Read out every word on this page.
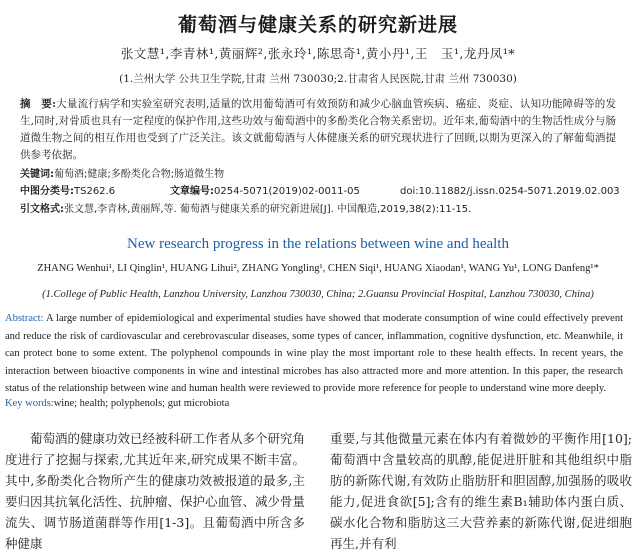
葡萄酒与健康关系的研究新进展
张文慧¹,李青林¹,黄丽辉²,张永玲¹,陈思奇¹,黄小丹¹,王　玉¹,龙丹凤¹*
(1.兰州大学 公共卫生学院,甘肃 兰州 730030;2.甘肃省人民医院,甘肃 兰州 730030)
摘　要:大量流行病学和实验室研究表明,适量的饮用葡萄酒可有效预防和减少心脑血管疾病、癌症、炎症、认知功能障碍等的发生,同时,对骨质也具有一定程度的保护作用,这些功效与葡萄酒中的多酚类化合物关系密切。近年来,葡萄酒中的生物活性成分与肠道微生物之间的相互作用也受到了广泛关注。该文就葡萄酒与人体健康关系的研究现状进行了回顾,以期为更深入的了解葡萄酒提供参考依据。
关键词:葡萄酒;健康;多酚类化合物;肠道微生物
中图分类号:TS262.6	文章编号:0254-5071(2019)02-0011-05	doi:10.11882/j.issn.0254-5071.2019.02.003
引文格式:张文慧,李青林,黄丽辉,等. 葡萄酒与健康关系的研究新进展[J]. 中国酿造,2019,38(2):11-15.
New research progress in the relations between wine and health
ZHANG Wenhui¹, LI Qinglin¹, HUANG Lihui², ZHANG Yongling¹, CHEN Siqi¹, HUANG Xiaodan¹, WANG Yu¹, LONG Danfeng¹*
(1.College of Public Health, Lanzhou University, Lanzhou 730030, China; 2.Guansu Provincial Hospital, Lanzhou 730030, China)
Abstract: A large number of epidemiological and experimental studies have showed that moderate consumption of wine could effectively prevent and reduce the risk of cardiovascular and cerebrovascular diseases, some types of cancer, inflammation, cognitive dysfunction, etc. Meanwhile, it can protect bone to some extent. The polyphenol compounds in wine play the most important role to these health effects. In recent years, the interaction between bioactive components in wine and intestinal microbes has also attracted more and more attention. In this paper, the research status of the relationship between wine and human health were reviewed to provide more reference for people to understand wine more deeply.
Key words:wine; health; polyphenols; gut microbiota
葡萄酒的健康功效已经被科研工作者从多个研究角度进行了挖掘与探索,尤其近年来,研究成果不断丰富。其中,多酚类化合物所产生的健康功效被报道的最多,主要归因其抗氧化活性、抗肿瘤、保护心血管、减少骨量流失、调节肠道菌群等作用[1-3]。且葡萄酒中所含多种健康
重要,与其他微量元素在体内有着微妙的平衡作用[10];葡萄酒中含量较高的肌醇,能促进肝脏和其他组织中脂肪的新陈代谢,有效防止脂肪肝和胆固醇,加强肠的吸收能力,促进食欲[5];含有的维生素B₁辅助体内蛋白质、碳水化合物和脂肪这三大营养素的新陈代谢,促进细胞再生,并有利
